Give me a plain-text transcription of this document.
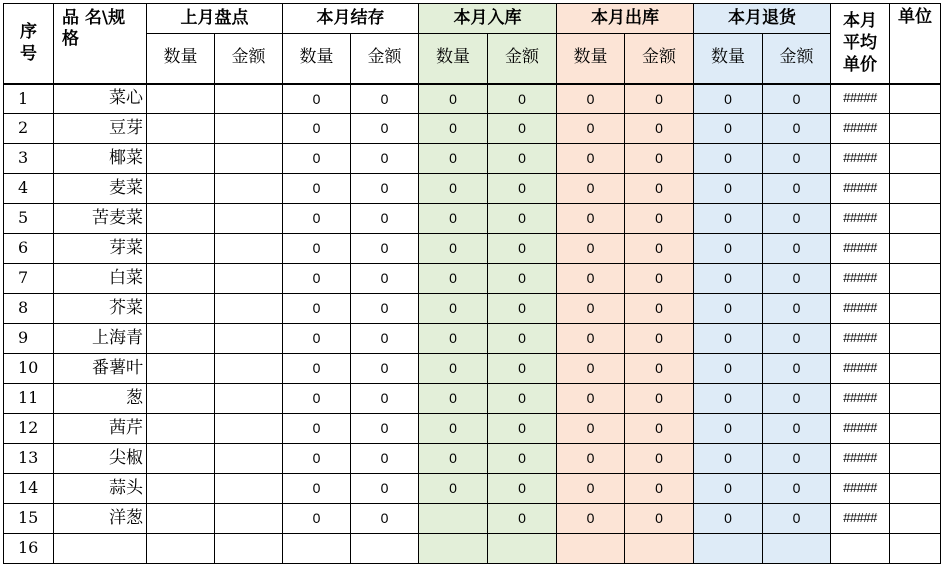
序
号	品 名\规
格	上月盘点		本月结存		本月入库		本月出库		本月退货		本月
平均
单价	单位
		数量	金额	数量	金额	数量	金额	数量	金额	数量	金额		
1	菜心			0	0	0	0	0	0	0	0	#####	
2	豆芽			0	0	0	0	0	0	0	0	#####	
3	椰菜			0	0	0	0	0	0	0	0	#####	
4	麦菜			0	0	0	0	0	0	0	0	#####	
5	苦麦菜			0	0	0	0	0	0	0	0	#####	
6	芽菜			0	0	0	0	0	0	0	0	#####	
7	白菜			0	0	0	0	0	0	0	0	#####	
8	芥菜			0	0	0	0	0	0	0	0	#####	
9	上海青			0	0	0	0	0	0	0	0	#####	
10	番薯叶			0	0	0	0	0	0	0	0	#####	
11	葱			0	0	0	0	0	0	0	0	#####	
12	茜芹			0	0	0	0	0	0	0	0	#####	
13	尖椒			0	0	0	0	0	0	0	0	#####	
14	蒜头			0	0	0	0	0	0	0	0	#####	
15	洋葱			0	0		0	0	0	0	0	#####	
16													
